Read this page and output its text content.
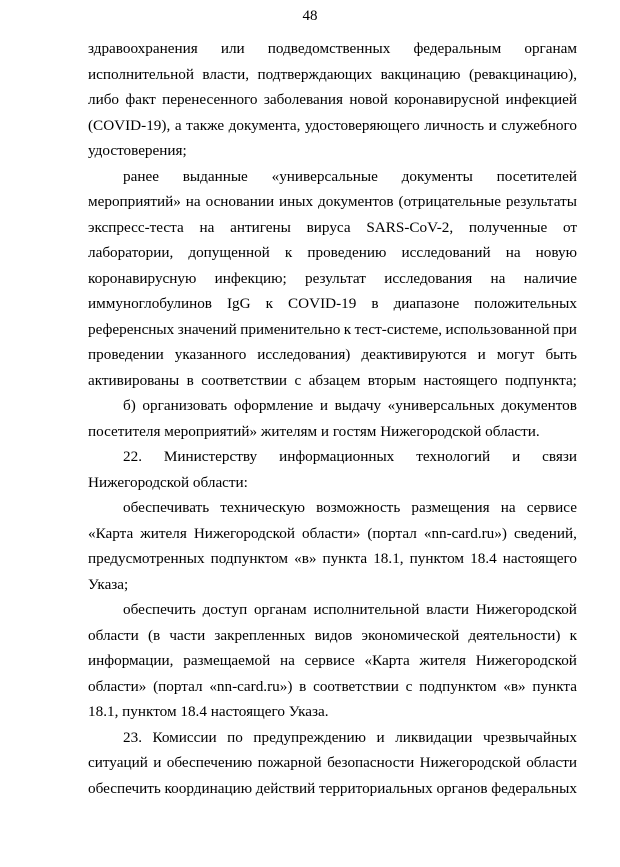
48
здравоохранения или подведомственных федеральным органам
исполнительной власти, подтверждающих вакцинацию (ревакцинацию),
либо факт перенесенного заболевания новой коронавирусной инфекцией
(COVID-19), а также документа, удостоверяющего личность и служебного
удостоверения;
ранее выданные «универсальные документы посетителей
мероприятий» на основании иных документов (отрицательные результаты
экспресс-теста на антигены вируса SARS-CoV-2, полученные от
лаборатории, допущенной к проведению исследований на новую
коронавирусную инфекцию; результат исследования на наличие
иммуноглобулинов IgG к COVID-19 в диапазоне положительных
референсных значений применительно к тест-системе, использованной при
проведении указанного исследования) деактивируются и могут быть
активированы в соответствии с абзацем вторым настоящего подпункта;
б) организовать оформление и выдачу «универсальных документов
посетителя мероприятий» жителям и гостям Нижегородской области.
22. Министерству информационных технологий и связи
Нижегородской области:
обеспечивать техническую возможность размещения на сервисе
«Карта жителя Нижегородской области» (портал «nn-card.ru») сведений,
предусмотренных подпунктом «в» пункта 18.1, пунктом 18.4 настоящего
Указа;
обеспечить доступ органам исполнительной власти Нижегородской
области (в части закрепленных видов экономической деятельности) к
информации, размещаемой на сервисе «Карта жителя Нижегородской
области» (портал «nn-card.ru») в соответствии с подпунктом «в» пункта
18.1, пунктом 18.4 настоящего Указа.
23. Комиссии по предупреждению и ликвидации чрезвычайных
ситуаций и обеспечению пожарной безопасности Нижегородской области
обеспечить координацию действий территориальных органов федеральных
